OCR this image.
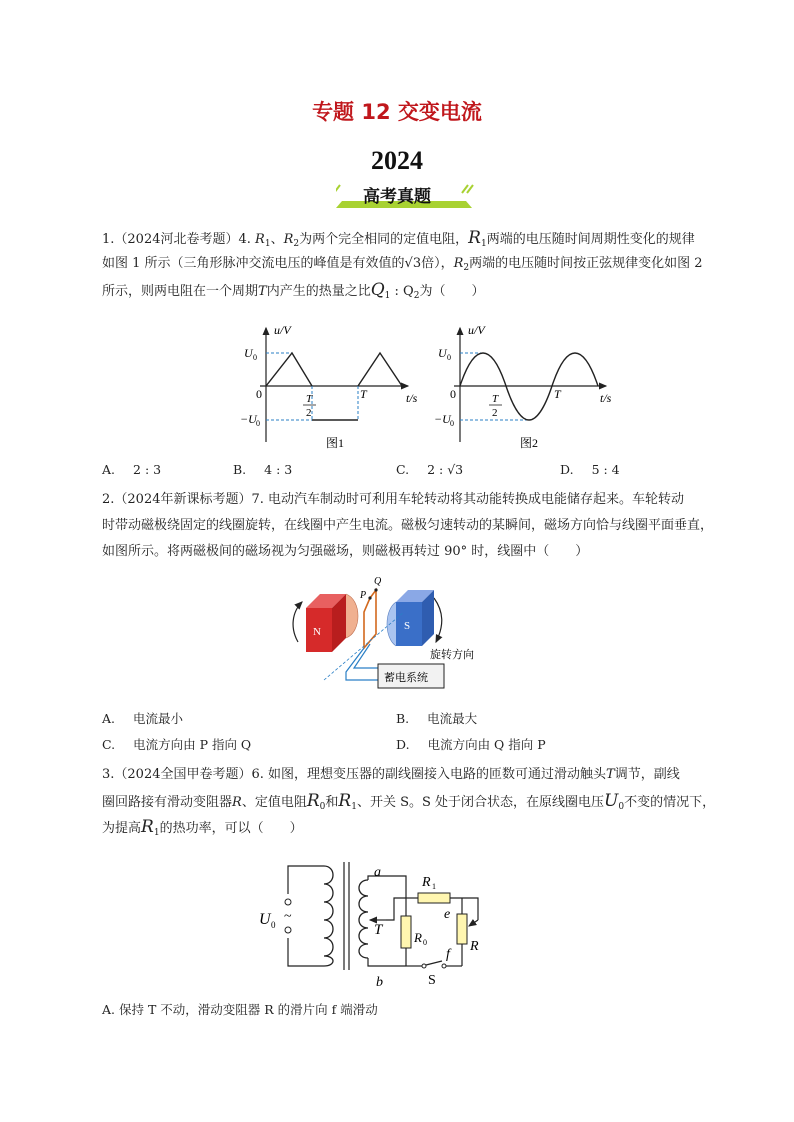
专题 12 交变电流
2024
高考真题
1.（2024河北卷考题）4. $R_1$、$R_2$为两个完全相同的定值电阻，$R_1$两端的电压随时间周期性变化的规律
如图 1 所示（三角形脉冲交流电压的峰值是有效值的√3倍），$R_2$两端的电压随时间按正弦规律变化如图 2
所示，则两电阻在一个周期T内产生的热量之比$Q_1$ : $Q_2$为（　　）
u/V
U 0
−U 0
0	T
2
T	t/s
图1
u/V
U 0
−U 0
0	T
2
T	t/s
图2
A. 2 : 3	B. 4 : 3	C. 2 : √3	D. 5 : 4
2.（2024年新课标考题）7. 电动汽车制动时可利用车轮转动将其动能转换成电能储存起来。车轮转动
时带动磁极绕固定的线圈旋转，在线圈中产生电流。磁极匀速转动的某瞬间，磁场方向恰与线圈平面垂直，
如图所示。将两磁极间的磁场视为匀强磁场，则磁极再转过 90° 时，线圈中（　　）
N	S
P
Q
蓄电系统
旋转方向
A. 电流最小	B. 电流最大
C. 电流方向由 P 指向 Q	D. 电流方向由 Q 指向 P
3.（2024全国甲卷考题）6. 如图，理想变压器的副线圈接入电路的匝数可通过滑动触头T调节，副线
圈回路接有滑动变阻器R、定值电阻$R_0$和$R_1$、开关 S。S 处于闭合状态，在原线圈电压$U_0$不变的情况下，
为提高$R_1$的热功率，可以（　　）
~
U 0	T
a
b
R 1
R 0
e
f
R
S
A. 保持 T 不动，滑动变阻器 R 的滑片向 f 端滑动
